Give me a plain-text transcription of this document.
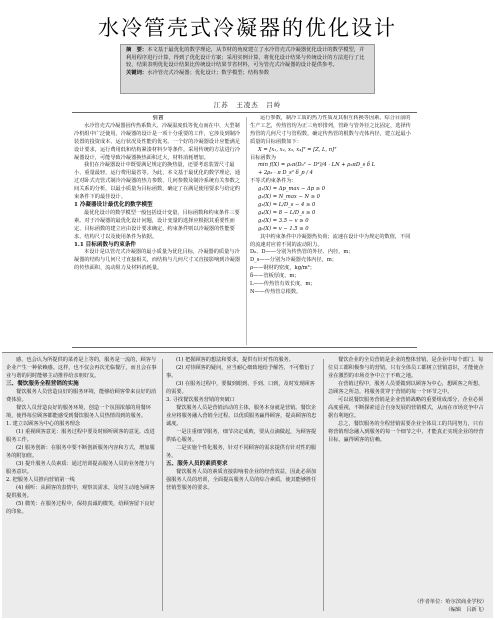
水冷管壳式冷凝器的优化设计
摘　要：本文基于最优化的数学理论，从节材的角度建立了水冷管壳式冷凝器优化设计的数学模型，并利用程序进行计算，得到了优化设计方案；采用实例计算，将优化设计结果与传统设计的方法进行了比较，结果表明优化设计结果比传统设计结果节省材料，可为管壳式冷凝器的设计提供参考。
关键词：水冷管壳式冷凝器；优化设计；数学模型；结构参数
江苏　王凌杰　吕岭
引言

水冷管壳式冷凝器因传热系数大、冷凝温度低等优点而在中、大型制冷机组中广泛使用。冷凝器的设计是一项十分重要的工作，它涉及到制冷装置的投资成本、运行状况及性能的优劣。一个好的冷凝器设计应能满足设计要求，运行费用低和结构紧凑材料少等条件。采用传统的方法进行冷凝器设计，可能导致冷凝器换热面积过大，材料消耗增加。

我们在冷凝器设计中既要满足规定的换热量，还要考虑装置尺寸最小、重量最轻、运行费用最省等。为此，本文基于最优化的数学理论，通过对卧式壳管式制冷冷凝器的热力参数、几何参数及制冷系统有关参数之间关系的分析，以最小质量为目标函数，确定了在满足使用要求与给定约束条件下的最佳设计。

1 冷凝器设计最优化的数学模型

最优化设计的数学模型一般包括设计变量、目标函数和约束条件三要素。对于冷凝器的最优化设计问题，设计变量的选择应根据其重要性而定，目标函数的建立应由设计要求确定，约束条件则以冷凝器的性能要求、结构尺寸以及使用条件为依据。

1.1 目标函数与约束条件

本设计是以管壳式冷凝器的最小质量为优化目标，冷凝器的质量与冷凝器的结构与几何尺寸直接相关，而结构与几何尺寸又直接影响到冷凝器的传热面积、流动阻力及材料消耗量。

运行参数，制冷工质的热力性质及其相互转换等因素。综合目前的生产工艺，传热管均为正三角形排列，管距与管外径之比固定，选择传热管的几何尺寸与管程数，确定传热管的根数与壳体内径，建立起最小质量的目标函数如下：

X = [x₁, x₂, x₃, x₄]ᵀ = [Z, L, n]ᵀ
目标函数为
min f(X) = ρ₁π(D₀² − D²)/4 · LN + ρ₂πD_s δ L
+ 2ρ₃ · π D_s² δ_p / 4
不等式约束条件为：
g₁(X) = Δp_max − Δp ≥ 0
g₂(X) = N_max − N ≥ 0
g₃(X) = L/D_s − 4 ≥ 0
g₄(X) = 8 − L/D_s ≥ 0
g₅(X) = 3.5 − v ≥ 0
g₆(X) = v − 1.5 ≥ 0

其中约束条件中冷凝器热负荷；流速在设计中为规定的数值，不同的流速对应着不同的流动阻力。

D₀、D——分别为传热管的外径、内径，m；
D_s——分别为冷凝器壳体内径，m；
ρ——钢材的密度，kg/m³；
δ——管板厚度，m；
L——传热管有效长度，m；
N——传热管总根数。

感，也会认为所提供的菜肴是上等的，服务是一流的，顾客与企业产生一种依赖感。这样，也不仅会再次光临餐厅，而且会在事业与谐的同时能够主动推荐给亲朋好友。

三、餐饮服务全程营销的实施

餐饮服务人员营造良好的服务环境，能够给顾客带来良好的消费体验。

餐饮人员营造良好的服务环境，创造一个氛围浓郁的用餐环境，使得每位顾客都能感受到餐饮服务人员热情周到的服务。

1. 建立以顾客为中心的服务理念

(1) 重视顾客意见：服务过程中要及时倾听顾客的意见，改进服务工作。

(2) 服务创新：在服务中要不断创新服务内容和方式，增加服务的附加值。

(3) 提升服务人员素质：通过培训提高服务人员的业务能力与服务意识。

2. 把服务人员推向营销第一线

(4) 倾听：从顾客的表情中，观察其需求，及时主动地为顾客提供服务。

(5) 微笑：在服务过程中，保持真诚的微笑，给顾客留下良好的印象。

(1) 把握顾客的想法和要求，提供有针对性的服务。

(2) 对待顾客的疑问，应当耐心细致地给予解答，不可敷衍了事。

(3) 在服务过程中，要做到眼到、手到、口到，及时发现顾客的需要。

3. 寻找餐饮服务营销的突破口

餐饮服务人员是营销活动的主体，服务本身就是营销。餐饮企业应将服务融入营销全过程，以优质服务赢得顾客，提高顾客的忠诚度。

一是注重细节服务，细节决定成败，要从点滴做起，为顾客提供贴心服务。

二是实施个性化服务，针对不同顾客的需求提供有针对性的服务。

五、服务人员的素质要求

餐饮服务人员的素质直接影响着企业的经营效益，因此必须加强服务人员的培训，全面提高服务人员的综合素质，使其能够胜任营销型服务的要求。

餐饮企业的全员营销是企业的整体营销，是企业中每个部门、每位员工都积极参与的营销，只有全体员工都树立营销意识，才能使企业在激烈的市场竞争中立于不败之地。

在营销过程中，服务人员要做到以顾客为中心，想顾客之所想，急顾客之所急，将服务贯穿于营销的每一个环节之中。

可以说餐饮服务营销是企业营销战略的重要组成部分，企业必须高度重视，不断探索适合自身发展的营销模式，从而在市场竞争中占据有利地位。

总之，餐饮服务的全程营销需要企业全体员工的共同努力，只有将营销理念融入到服务的每一个细节之中，才能真正实现企业的经营目标，赢得顾客的信赖。

（作者单位：哈尔滨商业学校）
（编辑　吕新飞）
